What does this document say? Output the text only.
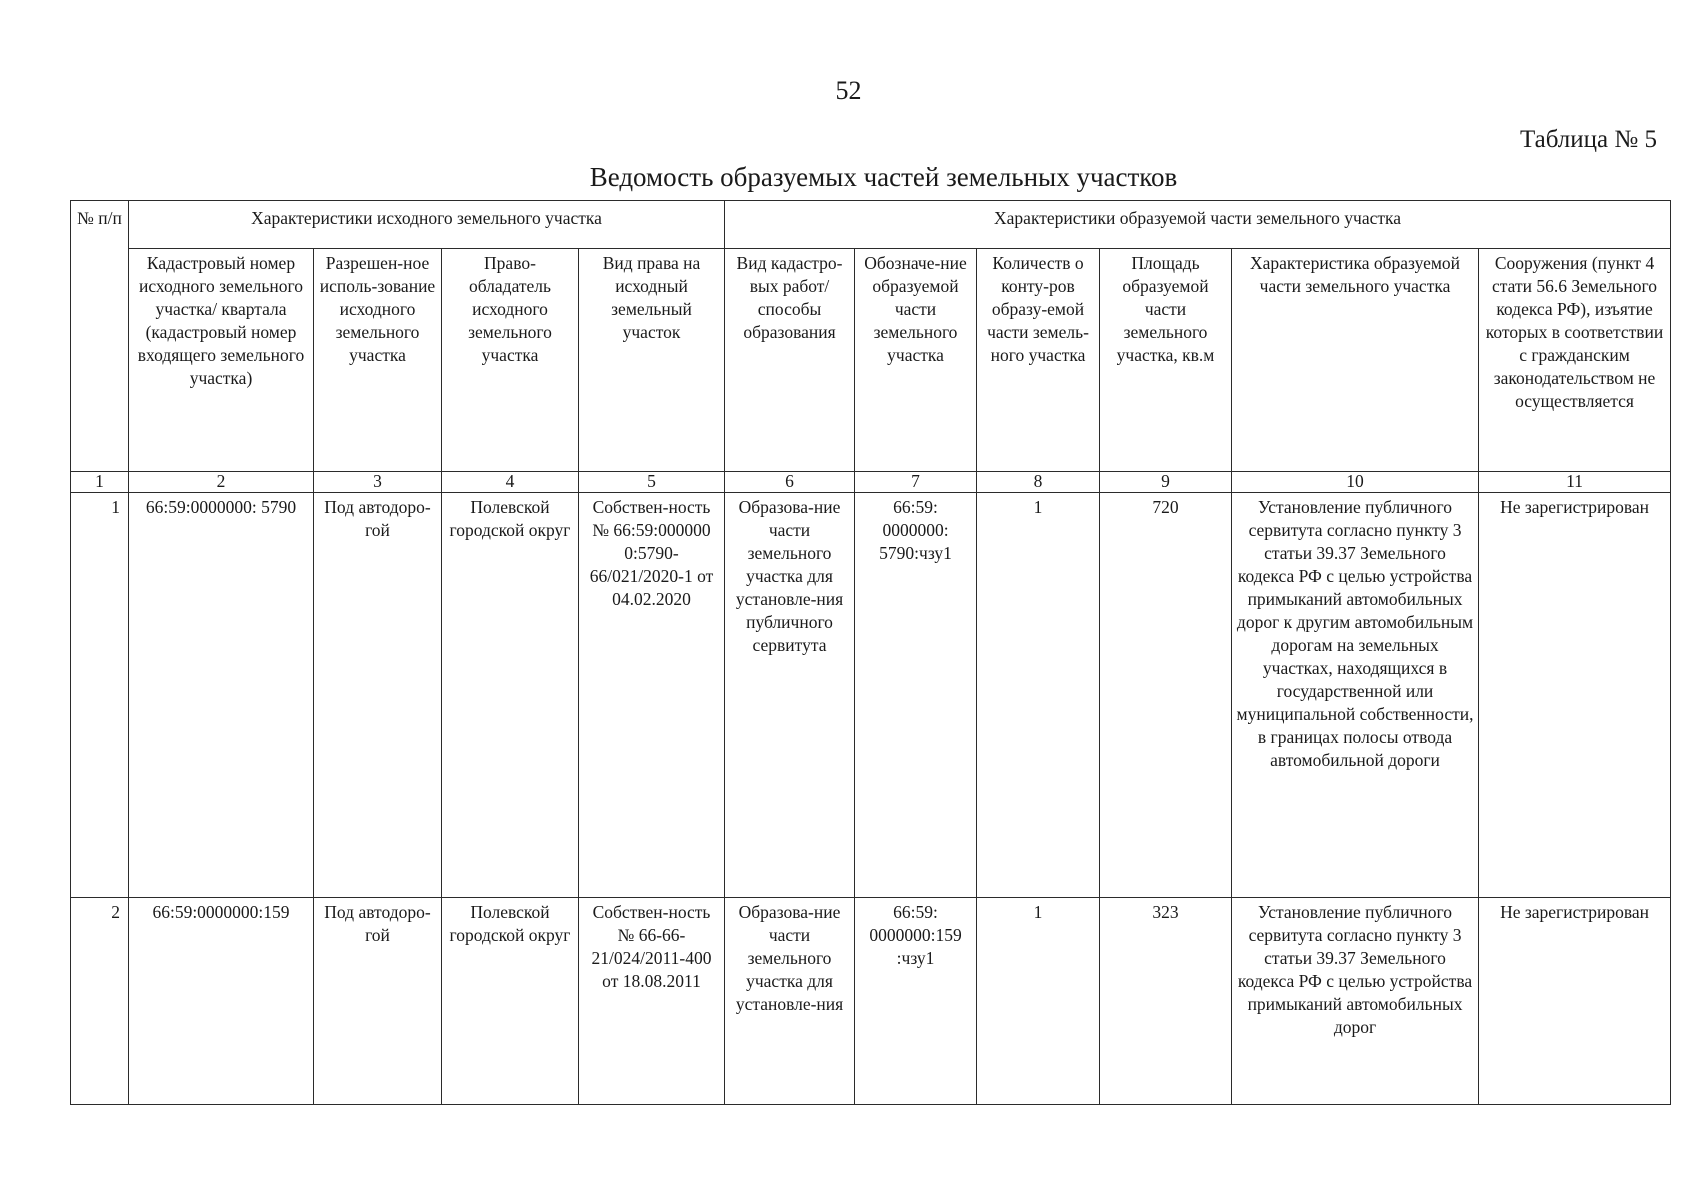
52
Таблица № 5
Ведомость образуемых частей земельных участков
№ п/п	Характеристики исходного земельного участка				Характеристики образуемой части земельного участка					
	Кадастровый номер исходного земельного участка/ квартала (кадастровый номер входящего земельного участка)	Разрешен-ное исполь-зование исходного земельного участка	Право-обладатель исходного земельного участка	Вид права на исходный земельный участок	Вид кадастро-вых работ/ способы образования	Обозначе-ние образуемой части земельного участка	Количеств о конту-ров образу-емой части земель-ного участка	Площадь образуемой части земельного участка, кв.м	Характеристика образуемой части земельного участка	Сооружения (пункт 4 стати 56.6 Земельного кодекса РФ), изъятие которых в соответствии с гражданским законодательством не осуществляется
1	2	3	4	5	6	7	8	9	10	11
1	66:59:0000000: 5790	Под автодоро-гой	Полевской городской округ	Собствен-ность № 66:59:000000 0:5790-66/021/2020-1 от 04.02.2020	Образова-ние части земельного участка для установле-ния публичного сервитута	66:59: 0000000: 5790:чзу1	1	720	Установление публичного сервитута согласно пункту 3 статьи 39.37 Земельного кодекса РФ с целью устройства примыканий автомобильных дорог к другим автомобильным дорогам на земельных участках, находящихся в государственной или муниципальной собственности, в границах полосы отвода автомобильной дороги	Не зарегистрирован
2	66:59:0000000:159	Под автодоро-гой	Полевской городской округ	Собствен-ность № 66-66-21/024/2011-400 от 18.08.2011	Образова-ние части земельного участка для установле-ния	66:59: 0000000:159 :чзу1	1	323	Установление публичного сервитута согласно пункту 3 статьи 39.37 Земельного кодекса РФ с целью устройства примыканий автомобильных дорог	Не зарегистрирован
